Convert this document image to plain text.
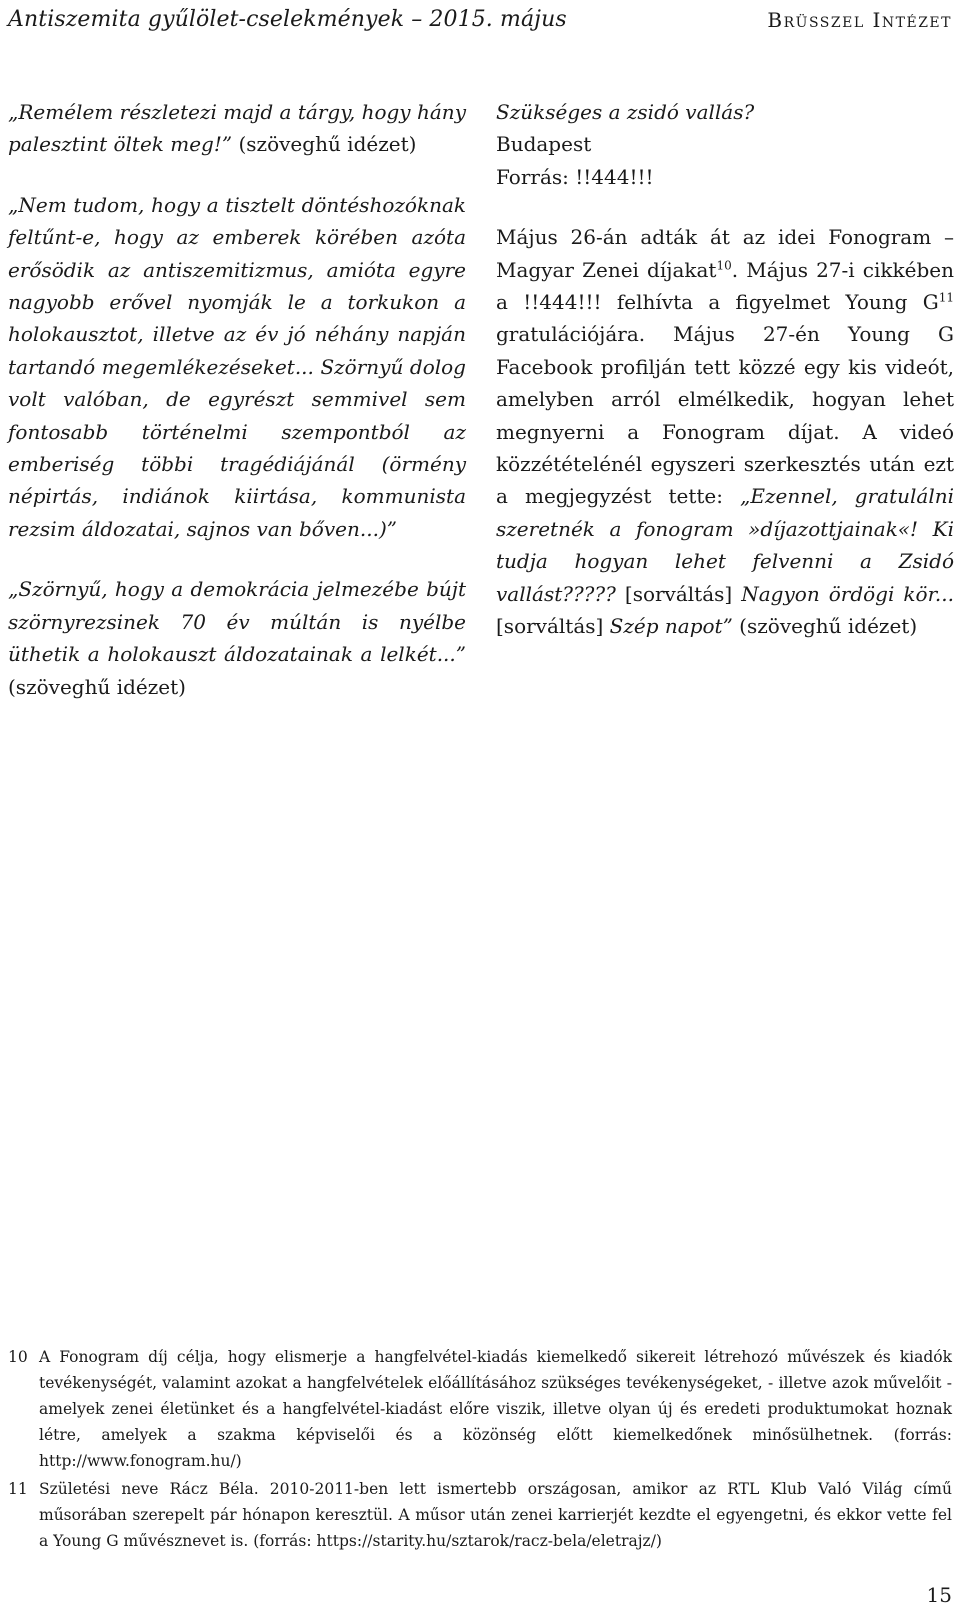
Antiszemita gyűlölet-cselekmények – 2015. május	Brüsszel Intézet

„Remélem részletezi majd a tárgy, hogy hány palesztint öltek meg!” (szövegһű idézet)

„Nem tudom, hogy a tisztelt döntéshozóknak feltűnt-e, hogy az emberek körében azóta erősödik az antiszemitizmus, amióta egyre nagyobb erővel nyomják le a torkukon a holokausztot, illetve az év jó néhány napján tartandó megemlékezéseket... Szörnyű dolog volt valóban, de egyrészt semmivel sem fontosabb történelmi szempontból az emberiség többi tragédiájánál (örmény népirtás, indiánok kiirtása, kommunista rezsim áldozatai, sajnos van bőven...)”

„Szörnyű, hogy a demokrácia jelmezébe bújt szörnyrezsinek 70 év múltán is nyélbe üthetik a holokauszt áldozatainak a lelkét...” (szöveghű idézet)

Szükséges a zsidó vallás?

Budapest

Forrás: !!444!!!

Május 26-án adták át az idei Fonogram – Magyar Zenei díjakat$^{10}$. Május 27-i cikkében a !!444!!! felhívta a figyelmet Young $G^{11}$ gratulációjára. Május 27-én Young G Facebook profilján tett közzé egy kis videót, amelyben arról elmélkedik, hogyan lehet megnyerni a Fonogram díjat. A videó közzétételénél egyszeri szerkesztés után ezt a megjegyzést tette: „Ezennel, gratulálni szeretnék a fonogram »díjazottjainak«! Ki tudja hogyan lehet felvenni a Zsidó vallást????? [sorváltás] Nagyon ördögi kör... [sorváltás] Szép napot” (szöveghű idézet)

10 A Fonogram díj célja, hogy elismerje a hangfelvétel-kiadás kiemelkedő sikereit létrehozó művészek és kiadók tevékenységét, valamint azokat a hangfelvételek előállításához szükséges tevékenységeket, - illetve azok művelőit - amelyek zenei életünket és a hangfelvétel-kiadást előre viszik, illetve olyan új és eredeti produktumokat hoznak létre, amelyek a szakma képviselői és a közönség előtt kiemelkedőnek minősülhetnek. (forrás: http://www.fonogram.hu/)
11 Születési neve Rácz Béla. 2010-2011-ben lett ismertebb országosan, amikor az RTL Klub Való Világ című műsorában szerepelt pár hónapon keresztül. A műsor után zenei karrierjét kezdte el egyengetni, és ekkor vette fel a Young G művésznevet is. (forrás: https://starity.hu/sztarok/racz-bela/eletrajz/)
15
